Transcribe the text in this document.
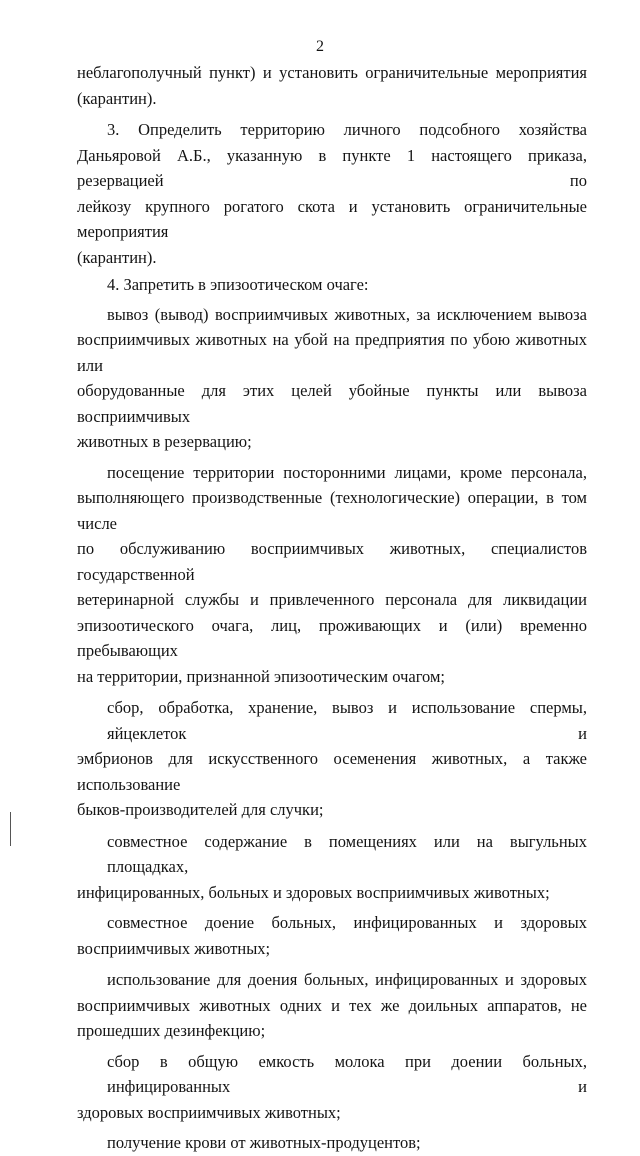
2
неблагополучный пункт) и установить ограничительные мероприятия
(карантин).
3. Определить территорию личного подсобного хозяйства
Даньяровой А.Б., указанную в пункте 1 настоящего приказа, резервацией по
лейкозу крупного рогатого скота и установить ограничительные мероприятия
(карантин).
4. Запретить в эпизоотическом очаге:
вывоз (вывод) восприимчивых животных, за исключением вывоза
восприимчивых животных на убой на предприятия по убою животных или
оборудованные для этих целей убойные пункты или вывоза восприимчивых
животных в резервацию;
посещение территории посторонними лицами, кроме персонала,
выполняющего производственные (технологические) операции, в том числе
по обслуживанию восприимчивых животных, специалистов государственной
ветеринарной службы и привлеченного персонала для ликвидации
эпизоотического очага, лиц, проживающих и (или) временно пребывающих
на территории, признанной эпизоотическим очагом;
сбор, обработка, хранение, вывоз и использование спермы, яйцеклеток и
эмбрионов для искусственного осеменения животных, а также использование
быков-производителей для случки;
совместное содержание в помещениях или на выгульных площадках,
инфицированных, больных и здоровых восприимчивых животных;
совместное доение больных, инфицированных и здоровых
восприимчивых животных;
использование для доения больных, инфицированных и здоровых
восприимчивых животных одних и тех же доильных аппаратов, не
прошедших дезинфекцию;
сбор в общую емкость молока при доении больных, инфицированных и
здоровых восприимчивых животных;
получение крови от животных-продуцентов;
